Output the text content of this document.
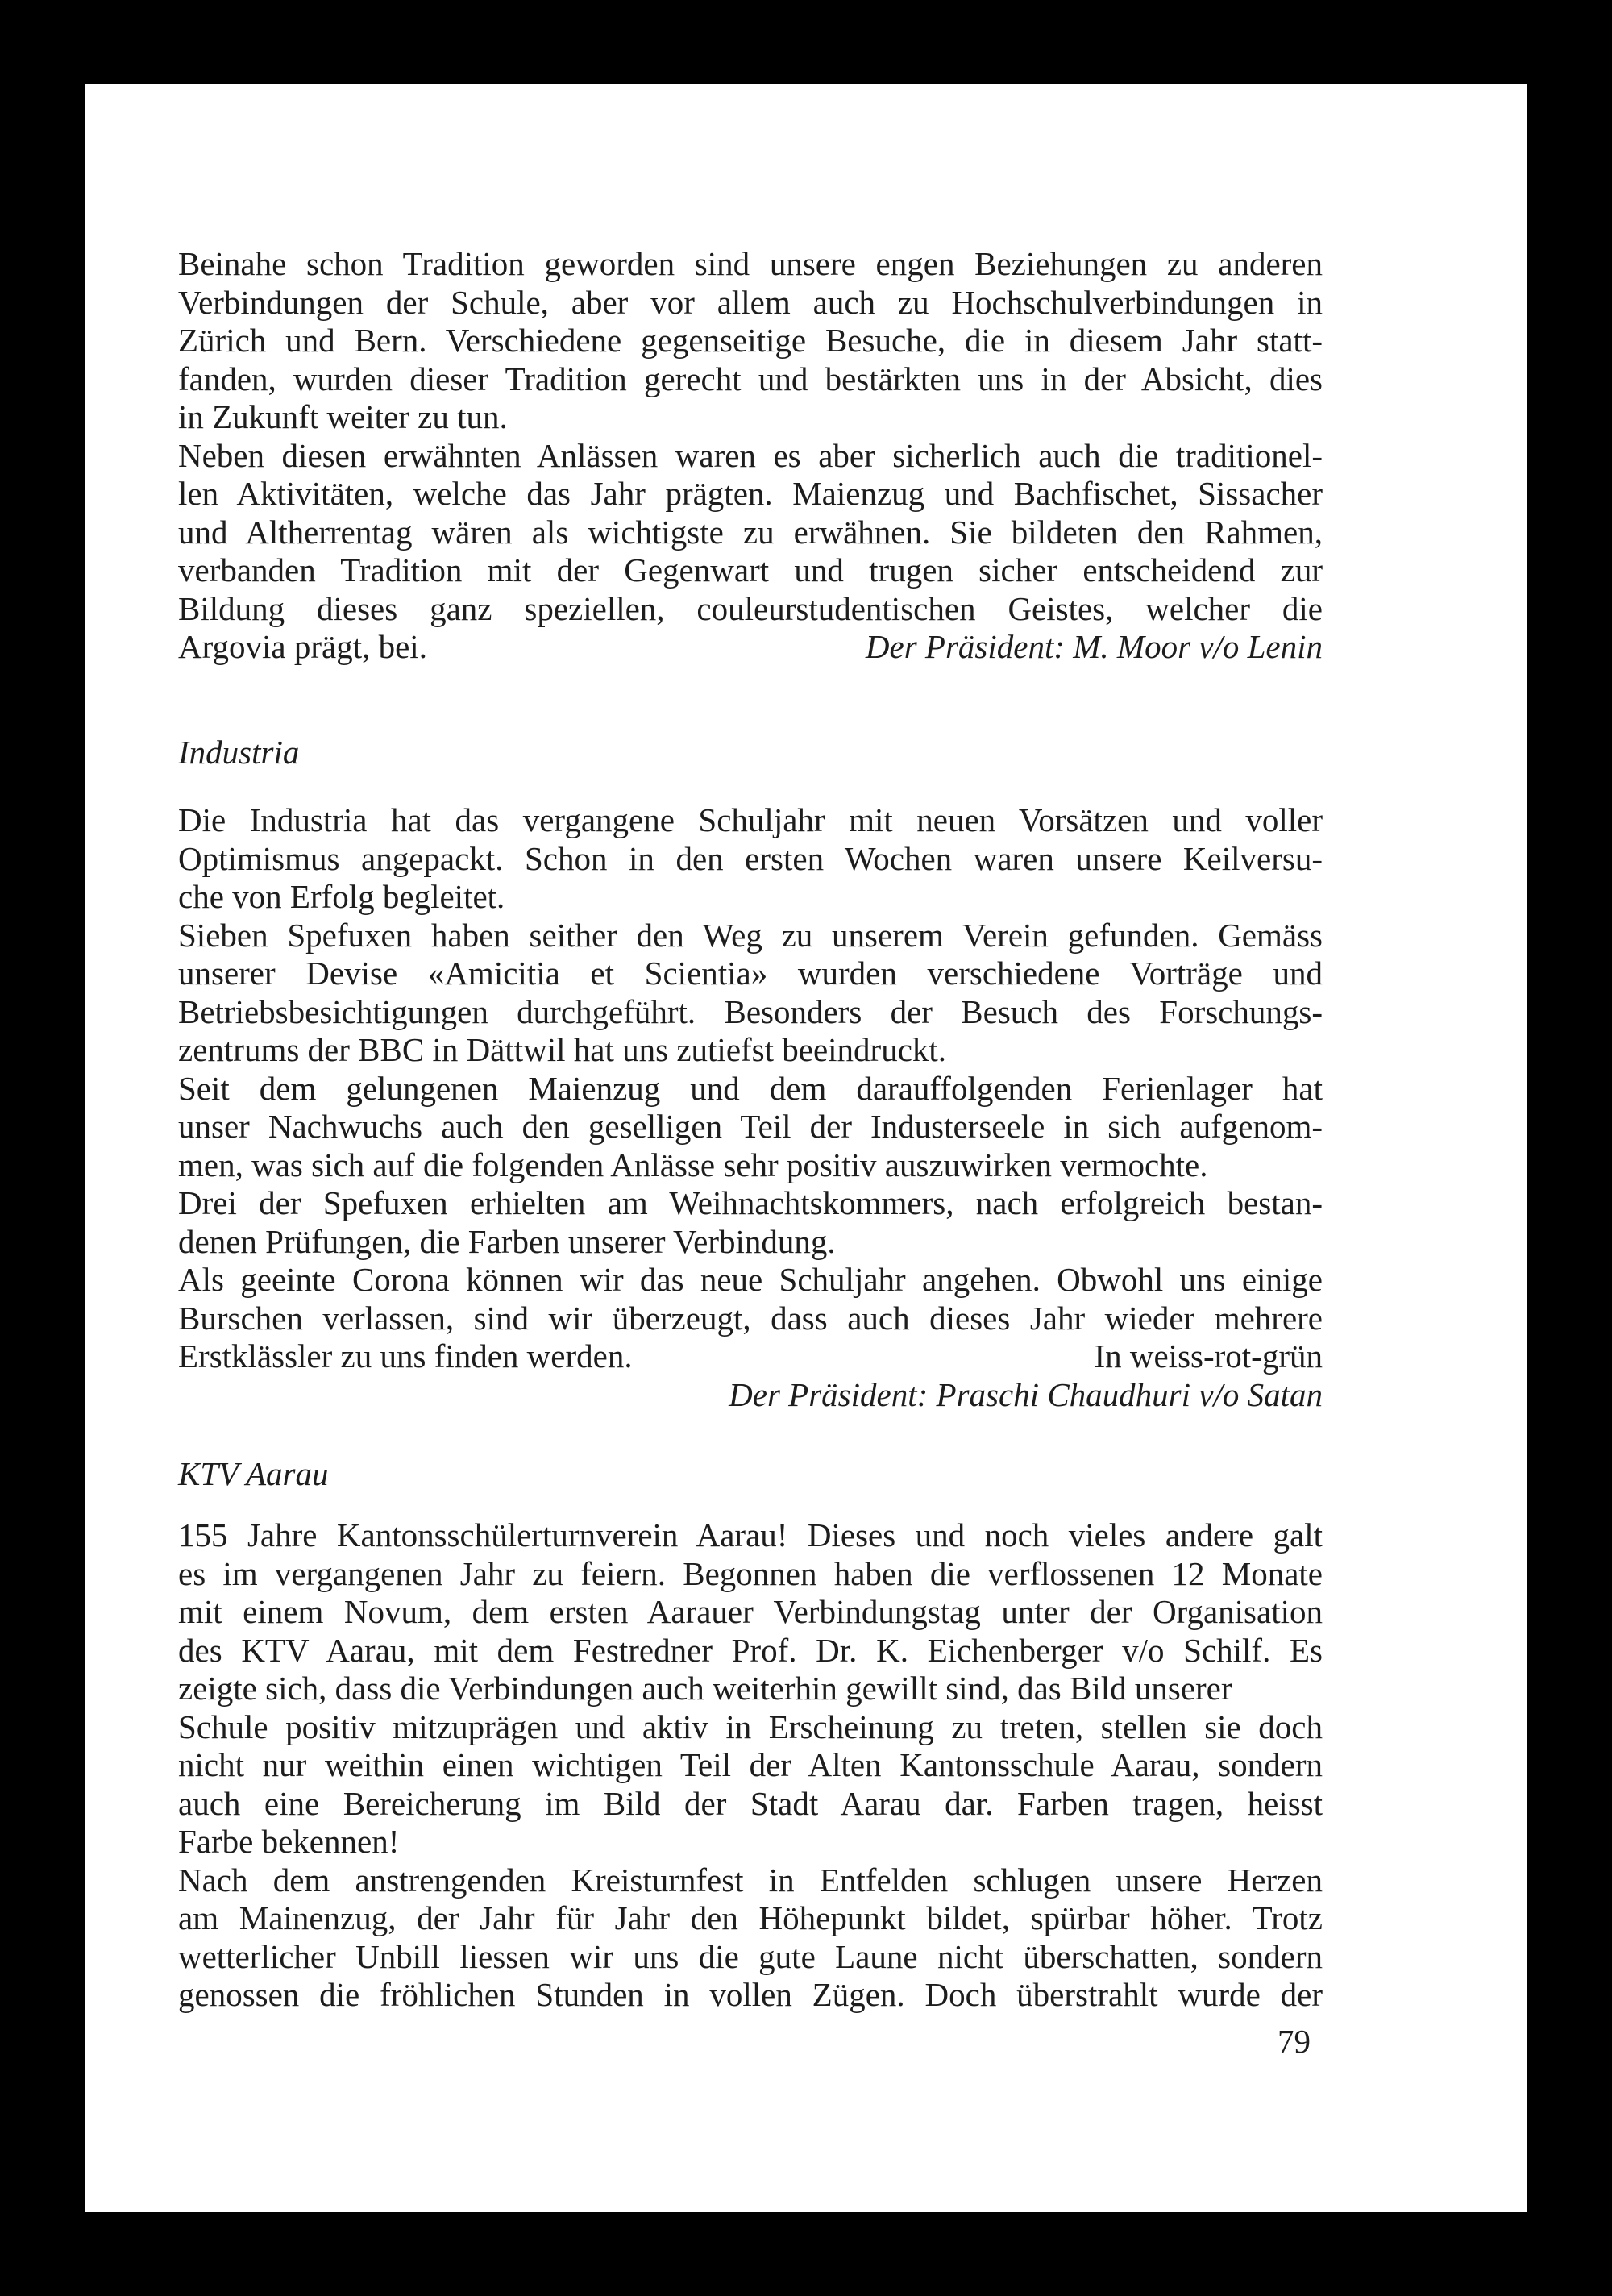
Beinahe schon Tradition geworden sind unsere engen Beziehungen zu anderen
Verbindungen der Schule, aber vor allem auch zu Hochschulverbindungen in
Zürich und Bern. Verschiedene gegenseitige Besuche, die in diesem Jahr statt-
fanden, wurden dieser Tradition gerecht und bestärkten uns in der Absicht, dies
in Zukunft weiter zu tun.
Neben diesen erwähnten Anlässen waren es aber sicherlich auch die traditionel-
len Aktivitäten, welche das Jahr prägten. Maienzug und Bachfischet, Sissacher
und Altherrentag wären als wichtigste zu erwähnen. Sie bildeten den Rahmen,
verbanden Tradition mit der Gegenwart und trugen sicher entscheidend zur
Bildung dieses ganz speziellen, couleurstudentischen Geistes, welcher die
Argovia prägt, bei.	Der Präsident: M. Moor v/o Lenin
Industria
Die Industria hat das vergangene Schuljahr mit neuen Vorsätzen und voller
Optimismus angepackt. Schon in den ersten Wochen waren unsere Keilversu-
che von Erfolg begleitet.
Sieben Spefuxen haben seither den Weg zu unserem Verein gefunden. Gemäss
unserer Devise «Amicitia et Scientia» wurden verschiedene Vorträge und
Betriebsbesichtigungen durchgeführt. Besonders der Besuch des Forschungs-
zentrums der BBC in Dättwil hat uns zutiefst beeindruckt.
Seit dem gelungenen Maienzug und dem darauffolgenden Ferienlager hat
unser Nachwuchs auch den geselligen Teil der Industerseele in sich aufgenom-
men, was sich auf die folgenden Anlässe sehr positiv auszuwirken vermochte.
Drei der Spefuxen erhielten am Weihnachtskommers, nach erfolgreich bestan-
denen Prüfungen, die Farben unserer Verbindung.
Als geeinte Corona können wir das neue Schuljahr angehen. Obwohl uns einige
Burschen verlassen, sind wir überzeugt, dass auch dieses Jahr wieder mehrere
Erstklässler zu uns finden werden.	In weiss-rot-grün
Der Präsident: Praschi Chaudhuri v/o Satan
KTV Aarau
155 Jahre Kantonsschülerturnverein Aarau! Dieses und noch vieles andere galt
es im vergangenen Jahr zu feiern. Begonnen haben die verflossenen 12 Monate
mit einem Novum, dem ersten Aarauer Verbindungstag unter der Organisation
des KTV Aarau, mit dem Festredner Prof. Dr. K. Eichenberger v/o Schilf. Es
zeigte sich, dass die Verbindungen auch weiterhin gewillt sind, das Bild unserer
Schule positiv mitzuprägen und aktiv in Erscheinung zu treten, stellen sie doch
nicht nur weithin einen wichtigen Teil der Alten Kantonsschule Aarau, sondern
auch eine Bereicherung im Bild der Stadt Aarau dar. Farben tragen, heisst
Farbe bekennen!
Nach dem anstrengenden Kreisturnfest in Entfelden schlugen unsere Herzen
am Mainenzug, der Jahr für Jahr den Höhepunkt bildet, spürbar höher. Trotz
wetterlicher Unbill liessen wir uns die gute Laune nicht überschatten, sondern
genossen die fröhlichen Stunden in vollen Zügen. Doch überstrahlt wurde der
79
